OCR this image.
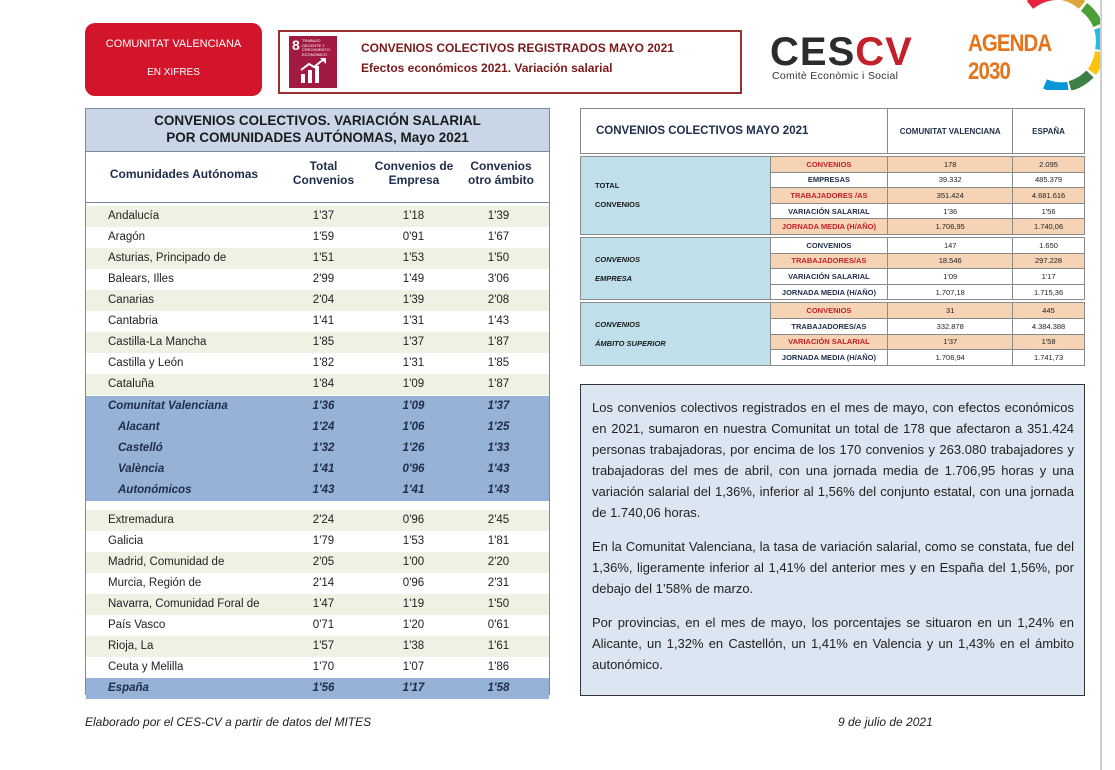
COMUNITAT VALENCIANA
EN XIFRES
8 TRABAJO DECENTE Y CRECIMIENTO ECONÓMICO	CONVENIOS COLECTIVOS REGISTRADOS MAYO 2021
Efectos económicos 2021. Variación salarial	CESCV
Comitè Econòmic i Social
AGENDA 2030
CONVENIOS COLECTIVOS. VARIACIÓN SALARIAL
POR COMUNIDADES AUTÓNOMAS, Mayo 2021
Comunidades Autónomas
Total Convenios
Convenios de Empresa
Convenios otro ámbito
Andalucía	1'37	1'18	1'39
Aragón	1'59	0'91	1'67
Asturias, Principado de	1'51	1'53	1'50
Balears, Illes	2'99	1'49	3'06
Canarias	2'04	1'39	2'08
Cantabria	1'41	1'31	1'43
Castilla-La Mancha	1'85	1'37	1'87
Castilla y León	1'82	1'31	1'85
Cataluña	1'84	1'09	1'87
Comunitat Valenciana	1'36	1'09	1'37
Alacant	1'24	1'06	1'25
Castelló	1'32	1'26	1'33
València	1'41	0'96	1'43
Autonómicos	1'43	1'41	1'43
Extremadura	2'24	0'96	2'45
Galicia	1'79	1'53	1'81
Madrid, Comunidad de	2'05	1'00	2'20
Murcia, Región de	2'14	0'96	2'31
Navarra, Comunidad Foral de	1'47	1'19	1'50
País Vasco	0'71	1'20	0'61
Rioja, La	1'57	1'38	1'61
Ceuta y Melilla	1'70	1'07	1'86
España	1'56	1'17	1'58
CONVENIOS COLECTIVOS MAYO 2021		COMUNITAT VALENCIANA	ESPAÑA

TOTAL
CONVENIOS	CONVENIOS	178	2.095
	EMPRESAS	39.332	485.379
	TRABAJADORES /AS	351.424	4.681.616
	VARIACIÓN SALARIAL	1'36	1'56
	JORNADA MEDIA (H/AÑO)	1.706,95	1.740,06

CONVENIOS
EMPRESA	CONVENIOS	147	1.650
	TRABAJADORES/AS	18.546	297.228
	VARIACIÓN SALARIAL	1'09	1'17
	JORNADA MEDIA (H/AÑO)	1.707,18	1.715,36

CONVENIOS
ÁMBITO SUPERIOR	CONVENIOS	31	445
	TRABAJADORES/AS	332.878	4.384.388
	VARIACIÓN SALARIAL	1'37	1'58
	JORNADA MEDIA (H/AÑO)	1.706,94	1.741,73

Los convenios colectivos registrados en el mes de mayo, con efectos económicos en 2021, sumaron en nuestra Comunitat un total de 178 que afectaron a 351.424 personas trabajadoras, por encima de los 170 convenios y 263.080 trabajadores y trabajadoras del mes de abril, con una jornada media de 1.706,95 horas y una variación salarial del 1,36%, inferior al 1,56% del conjunto estatal, con una jornada de 1.740,06 horas.

En la Comunitat Valenciana, la tasa de variación salarial, como se constata, fue del 1,36%, ligeramente inferior al 1,41% del anterior mes y en España del 1,56%, por debajo del 1’58% de marzo.

Por provincias, en el mes de mayo, los porcentajes se situaron en un 1,24% en Alicante, un 1,32% en Castellón, un 1,41% en Valencia y un 1,43% en el ámbito autonómico.

Elaborado por el CES-CV a partir de datos del MITES	9 de julio de 2021
